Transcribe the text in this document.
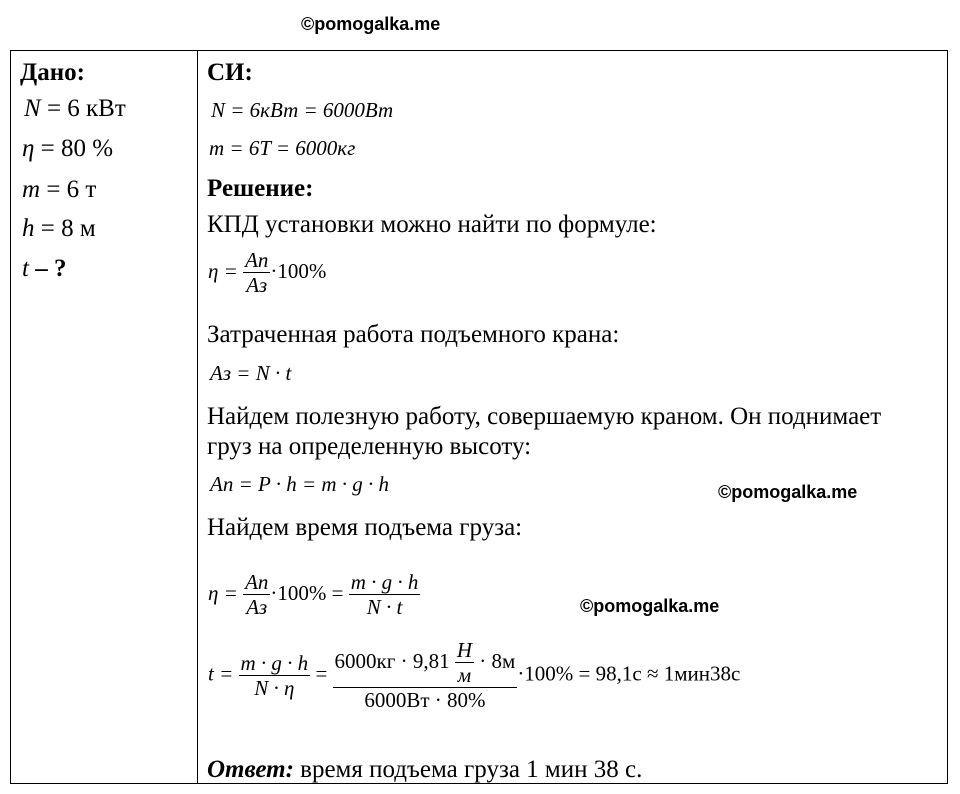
©pomogalka.me
©pomogalka.me
©pomogalka.me
Дано:
N = 6 кВт
η = 80 %
m = 6 т
h = 8 м
t – ?
СИ:
N = 6кВт = 6000Вт
m = 6T = 6000кг
Решение:
КПД установки можно найти по формуле:
$\eta = \frac{Aп}{Aз} \cdot 100\%$
Затраченная работа подъемного крана:
Aз = N · t
Найдем полезную работу, совершаемую краном. Он поднимает
груз на определенную высоту:
Aп = P · h = m · g · h
Найдем время подъема груза:
$\eta = \frac{Aп}{Aз} \cdot 100\% = \frac{m \cdot g \cdot h}{N \cdot t}$
$t = \frac{m \cdot g \cdot h}{N \cdot \eta} = \frac{6000кг \cdot 9,81 \frac{Н}{м} \cdot 8м}{6000Вт \cdot 80\%} \cdot 100\% = 98,1с \approx 1мин38с$
Ответ: время подъема груза 1 мин 38 с.
